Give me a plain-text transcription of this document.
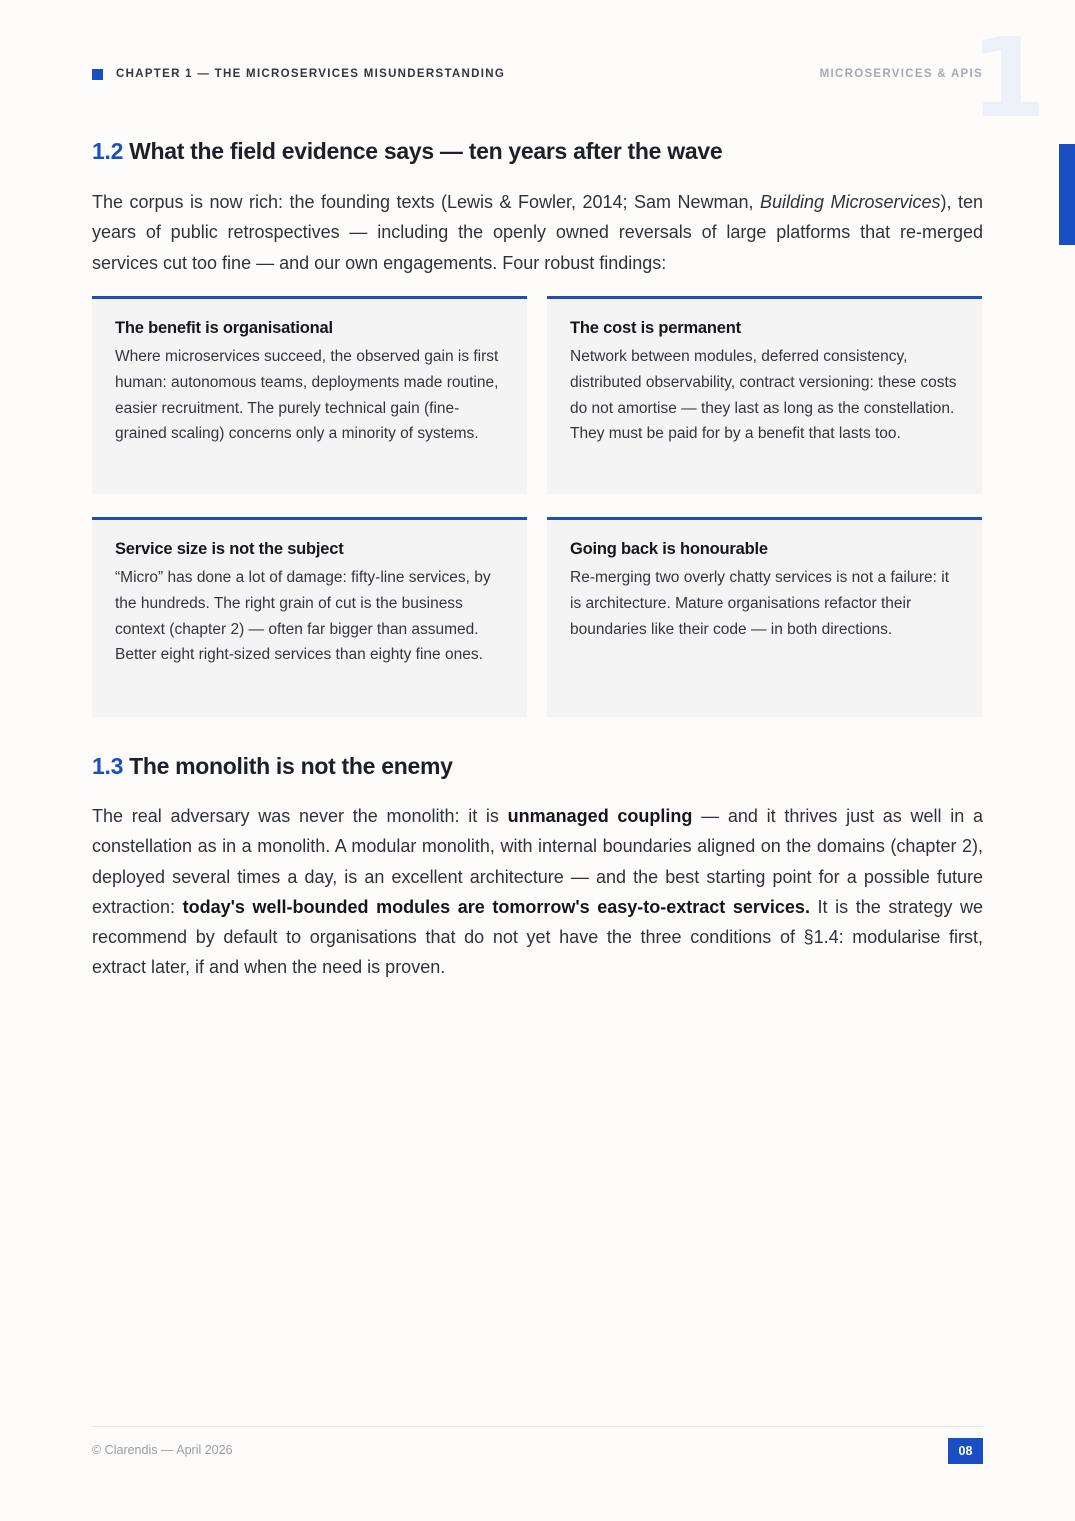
CHAPTER 1 — THE MICROSERVICES MISUNDERSTANDING	MICROSERVICES & APIS
1
1.2 What the field evidence says — ten years after the wave

The corpus is now rich: the founding texts (Lewis & Fowler, 2014; Sam Newman, Building Microservices), ten years of public retrospectives — including the openly owned reversals of large platforms that re-merged services cut too fine — and our own engagements. Four robust findings:

The benefit is organisational

Where microservices succeed, the observed gain is first human: autonomous teams, deployments made routine, easier recruitment. The purely technical gain (fine-grained scaling) concerns only a minority of systems.

The cost is permanent

Network between modules, deferred consistency, distributed observability, contract versioning: these costs do not amortise — they last as long as the constellation. They must be paid for by a benefit that lasts too.

Service size is not the subject

“Micro” has done a lot of damage: fifty-line services, by the hundreds. The right grain of cut is the business context (chapter 2) — often far bigger than assumed. Better eight right-sized services than eighty fine ones.

Going back is honourable

Re-merging two overly chatty services is not a failure: it is architecture. Mature organisations refactor their boundaries like their code — in both directions.

1.3 The monolith is not the enemy

The real adversary was never the monolith: it is unmanaged coupling — and it thrives just as well in a constellation as in a monolith. A modular monolith, with internal boundaries aligned on the domains (chapter 2), deployed several times a day, is an excellent architecture — and the best starting point for a possible future extraction: today's well-bounded modules are tomorrow's easy-to-extract services. It is the strategy we recommend by default to organisations that do not yet have the three conditions of §1.4: modularise first, extract later, if and when the need is proven.

© Clarendis — April 2026	08
